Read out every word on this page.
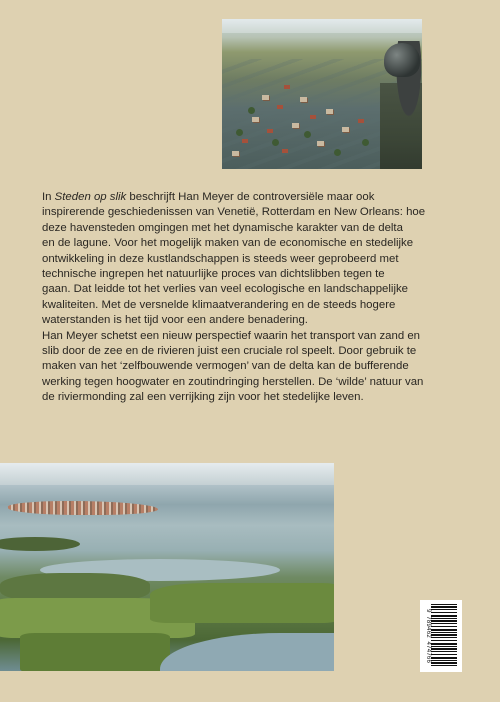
In Steden op slik beschrijft Han Meyer de controversiële maar ook
inspirerende geschiedenissen van Venetië, Rotterdam en New Orleans: hoe
deze havensteden omgingen met het dynamische karakter van de delta
en de lagune. Voor het mogelijk maken van de economische en stedelijke
ontwikkeling in deze kustlandschappen is steeds weer geprobeerd met
technische ingrepen het natuurlijke proces van dichtslibben tegen te
gaan. Dat leidde tot het verlies van veel ecologische en landschappelijke
kwaliteiten. Met de versnelde klimaatverandering en de steeds hogere
waterstanden is het tijd voor een andere benadering.

Han Meyer schetst een nieuw perspectief waarin het transport van zand en
slib door de zee en de rivieren juist een cruciale rol speelt. Door gebruik te
maken van het ‘zelfbouwende vermogen’ van de delta kan de bufferende
werking tegen hoogwater en zoutindringing herstellen. De ‘wilde’ natuur van
de riviermonding zal een verrijking zijn voor het stedelijke leven.

9 789462 474766
